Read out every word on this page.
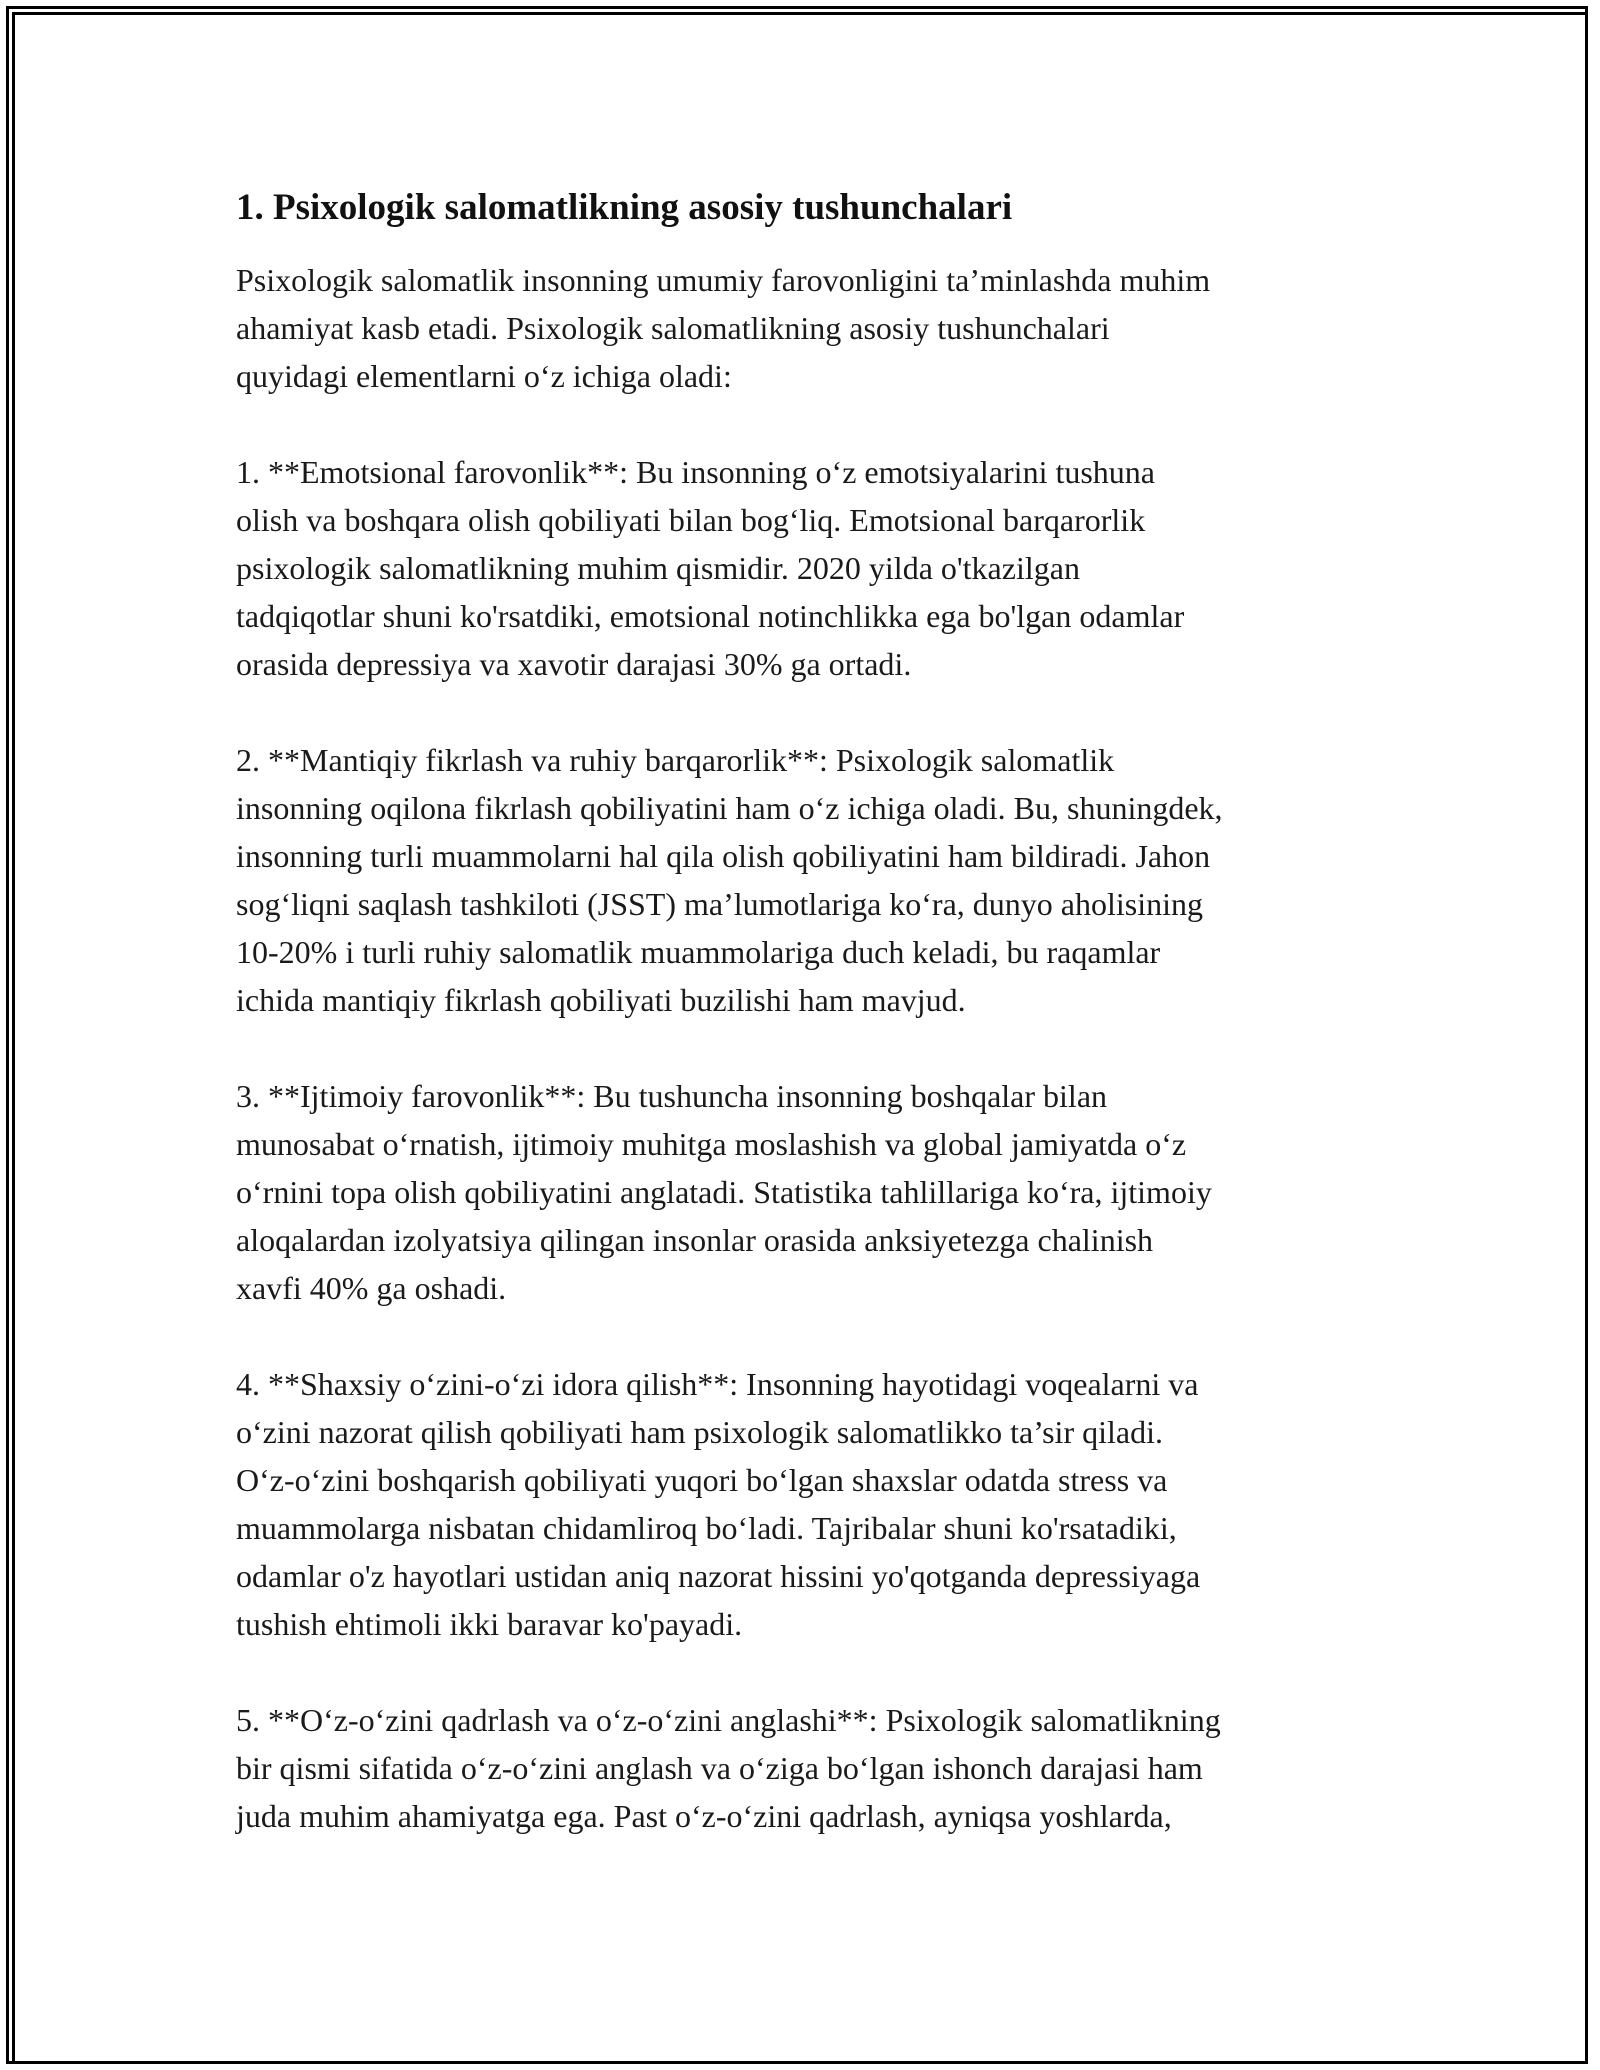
1. Psixologik salomatlikning asosiy tushunchalari

Psixologik salomatlik insonning umumiy farovonligini ta’minlashda muhim
ahamiyat kasb etadi. Psixologik salomatlikning asosiy tushunchalari
quyidagi elementlarni o‘z ichiga oladi:

1. **Emotsional farovonlik**: Bu insonning o‘z emotsiyalarini tushuna
olish va boshqara olish qobiliyati bilan bog‘liq. Emotsional barqarorlik
psixologik salomatlikning muhim qismidir. 2020 yilda o'tkazilgan
tadqiqotlar shuni ko'rsatdiki, emotsional notinchlikka ega bo'lgan odamlar
orasida depressiya va xavotir darajasi 30% ga ortadi.

2. **Mantiqiy fikrlash va ruhiy barqarorlik**: Psixologik salomatlik
insonning oqilona fikrlash qobiliyatini ham o‘z ichiga oladi. Bu, shuningdek,
insonning turli muammolarni hal qila olish qobiliyatini ham bildiradi. Jahon
sog‘liqni saqlash tashkiloti (JSST) ma’lumotlariga ko‘ra, dunyo aholisining
10-20% i turli ruhiy salomatlik muammolariga duch keladi, bu raqamlar
ichida mantiqiy fikrlash qobiliyati buzilishi ham mavjud.

3. **Ijtimoiy farovonlik**: Bu tushuncha insonning boshqalar bilan
munosabat o‘rnatish, ijtimoiy muhitga moslashish va global jamiyatda o‘z
o‘rnini topa olish qobiliyatini anglatadi. Statistika tahlillariga ko‘ra, ijtimoiy
aloqalardan izolyatsiya qilingan insonlar orasida anksiyetezga chalinish
xavfi 40% ga oshadi.

4. **Shaxsiy o‘zini-o‘zi idora qilish**: Insonning hayotidagi voqealarni va
o‘zini nazorat qilish qobiliyati ham psixologik salomatlikko ta’sir qiladi.
O‘z-o‘zini boshqarish qobiliyati yuqori bo‘lgan shaxslar odatda stress va
muammolarga nisbatan chidamliroq bo‘ladi. Tajribalar shuni ko'rsatadiki,
odamlar o'z hayotlari ustidan aniq nazorat hissini yo'qotganda depressiyaga
tushish ehtimoli ikki baravar ko'payadi.

5. **O‘z-o‘zini qadrlash va o‘z-o‘zini anglashi**: Psixologik salomatlikning
bir qismi sifatida o‘z-o‘zini anglash va o‘ziga bo‘lgan ishonch darajasi ham
juda muhim ahamiyatga ega. Past o‘z-o‘zini qadrlash, ayniqsa yoshlarda,
